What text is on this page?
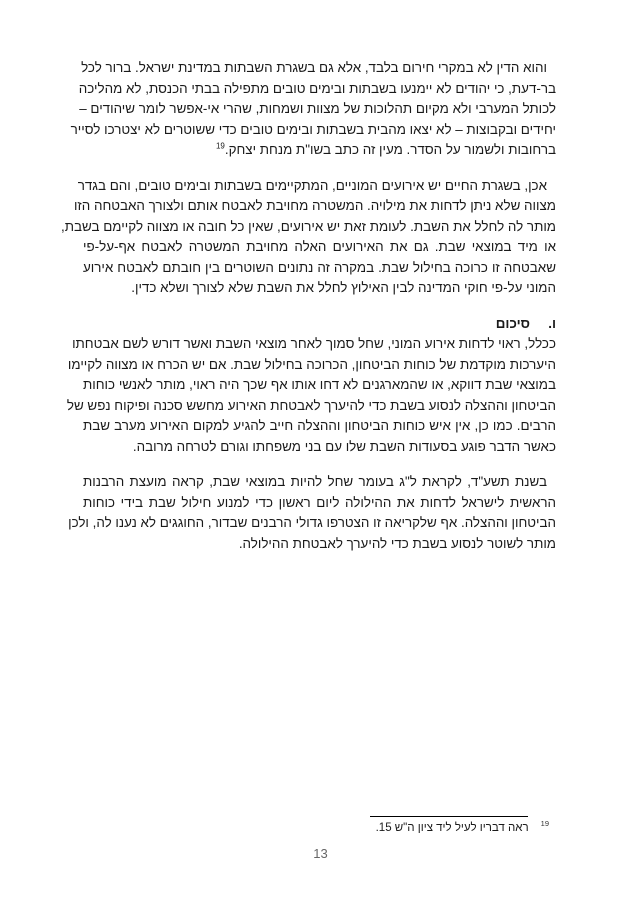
והוא הדין לא במקרי חירום בלבד, אלא גם בשגרת השבתות במדינת ישראל. ברור לכל
בר-דעת, כי יהודים לא יימנעו בשבתות ובימים טובים מתפילה בבתי הכנסת, לא מהליכה
לכותל המערבי ולא מקיום תהלוכות של מצוות ושמחות, שהרי אי-אפשר לומר שיהודים –
יחידים ובקבוצות – לא יצאו מהבית בשבתות ובימים טובים כדי ששוטרים לא יצטרכו לסייר
ברחובות ולשמור על הסדר. מעין זה כתב בשו"ת מנחת יצחק.$^{19}$
אכן, בשגרת החיים יש אירועים המוניים, המתקיימים בשבתות ובימים טובים, והם בגדר
מצווה שלא ניתן לדחות את מילויה. המשטרה מחויבת לאבטח אותם ולצורך האבטחה הזו
מותר לה לחלל את השבת. לעומת זאת יש אירועים, שאין כל חובה או מצווה לקיימם בשבת,
או מיד במוצאי שבת. גם את האירועים האלה מחויבת המשטרה לאבטח אף-על-פי
שאבטחה זו כרוכה בחילול שבת. במקרה זה נתונים השוטרים בין חובתם לאבטח אירוע
המוני על-פי חוקי המדינה לבין האילוץ לחלל את השבת שלא לצורך ושלא כדין.
ו.סיכום
ככלל, ראוי לדחות אירוע המוני, שחל סמוך לאחר מוצאי השבת ואשר דורש לשם אבטחתו
היערכות מוקדמת של כוחות הביטחון, הכרוכה בחילול שבת. אם יש הכרח או מצווה לקיימו
במוצאי שבת דווקא, או שהמארגנים לא דחו אותו אף שכך היה ראוי, מותר לאנשי כוחות
הביטחון וההצלה לנסוע בשבת כדי להיערך לאבטחת האירוע מחשש סכנה ופיקוח נפש של
הרבים. כמו כן, אין איש כוחות הביטחון וההצלה חייב להגיע למקום האירוע מערב שבת
כאשר הדבר פוגע בסעודות השבת שלו עם בני משפחתו וגורם לטרחה מרובה.
בשנת תשע"ד, לקראת ל"ג בעומר שחל להיות במוצאי שבת, קראה מועצת הרבנות
הראשית לישראל לדחות את ההילולה ליום ראשון כדי למנוע חילול שבת בידי כוחות
הביטחון וההצלה. אף שלקריאה זו הצטרפו גדולי הרבנים שבדור, החוגגים לא נענו לה, ולכן
מותר לשוטר לנסוע בשבת כדי להיערך לאבטחת ההילולה.
$^{19}$ראה דבריו לעיל ליד ציון ה"ש 15.
13
